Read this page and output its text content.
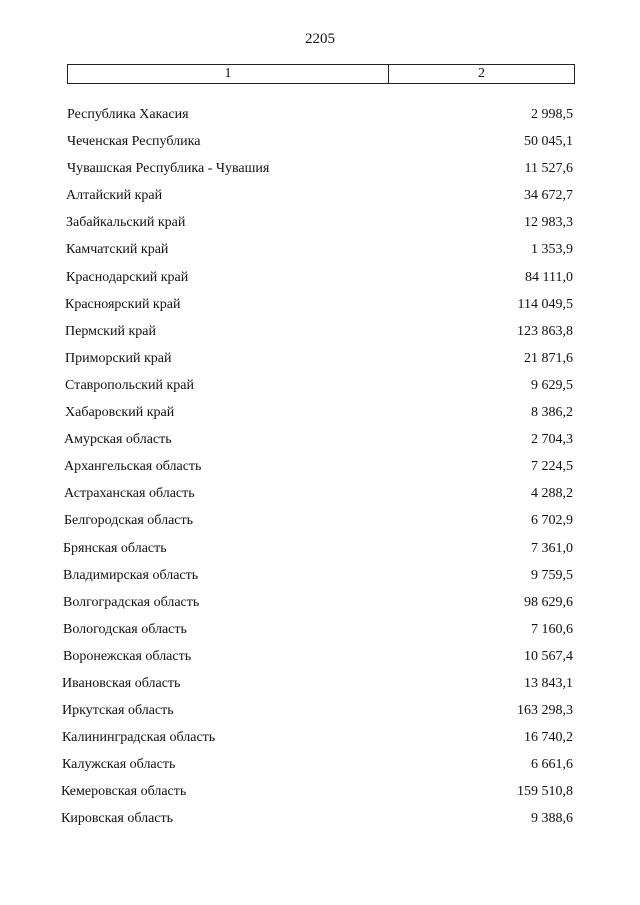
2205
1	2
Республика Хакасия	2 998,5
Чеченская Республика	50 045,1
Чувашская Республика - Чувашия	11 527,6
Алтайский край	34 672,7
Забайкальский край	12 983,3
Камчатский край	1 353,9
Краснодарский край	84 111,0
Красноярский край	114 049,5
Пермский край	123 863,8
Приморский край	21 871,6
Ставропольский край	9 629,5
Хабаровский край	8 386,2
Амурская область	2 704,3
Архангельская область	7 224,5
Астраханская область	4 288,2
Белгородская область	6 702,9
Брянская область	7 361,0
Владимирская область	9 759,5
Волгоградская область	98 629,6
Вологодская область	7 160,6
Воронежская область	10 567,4
Ивановская область	13 843,1
Иркутская область	163 298,3
Калининградская область	16 740,2
Калужская область	6 661,6
Кемеровская область	159 510,8
Кировская область	9 388,6
